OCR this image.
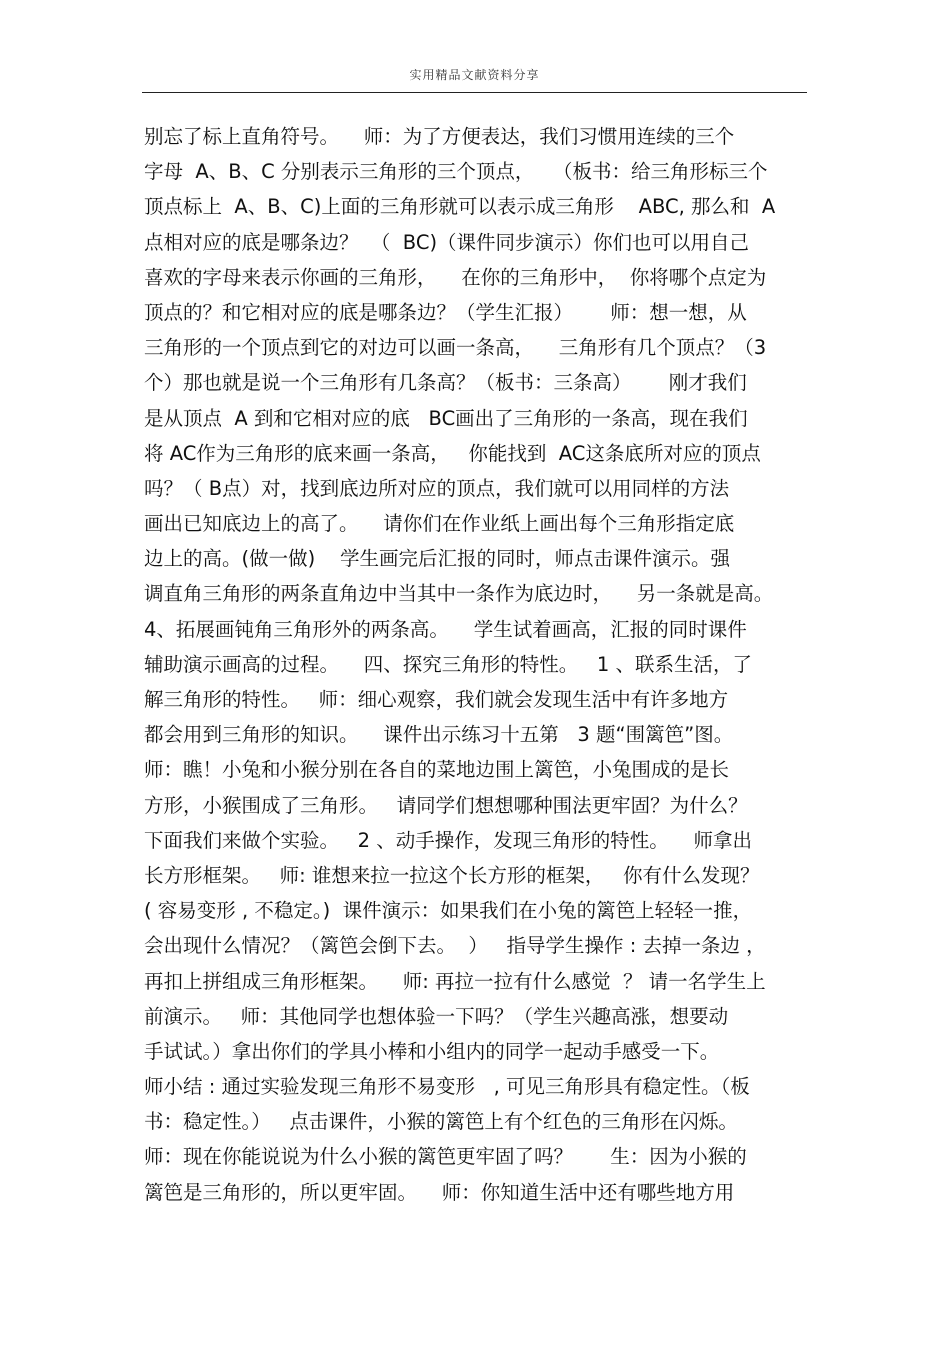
实用精品文献资料分享
别忘了标上直角符号。    师：为了方便表达，我们习惯用连续的三个
字母  A、B、C 分别表示三角形的三个顶点，   （板书：给三角形标三个
顶点标上  A、B、C)上面的三角形就可以表示成三角形    ABC, 那么和  A
点相对应的底是哪条边？  （  BC)（课件同步演示）你们也可以用自己
喜欢的字母来表示你画的三角形，    在你的三角形中，  你将哪个点定为
顶点的？和它相对应的底是哪条边？（学生汇报）      师：想一想，从
三角形的一个顶点到它的对边可以画一条高，    三角形有几个顶点？（3
个）那也就是说一个三角形有几条高？（板书：三条高）      刚才我们
是从顶点  A 到和它相对应的底   BC画出了三角形的一条高，现在我们
将 AC作为三角形的底来画一条高，   你能找到  AC这条底所对应的顶点
吗？（ B点）对，找到底边所对应的顶点，我们就可以用同样的方法
画出已知底边上的高了。    请你们在作业纸上画出每个三角形指定底
边上的高。(做一做)    学生画完后汇报的同时，师点击课件演示。强
调直角三角形的两条直角边中当其中一条作为底边时，    另一条就是高。
4、拓展画钝角三角形外的两条高。    学生试着画高，汇报的同时课件
辅助演示画高的过程。    四、探究三角形的特性。   1 、联系生活，了
解三角形的特性。   师：细心观察，我们就会发现生活中有许多地方
都会用到三角形的知识。    课件出示练习十五第   3 题“围篱笆”图。
师：瞧！小兔和小猴分别在各自的菜地边围上篱笆，小兔围成的是长
方形，小猴围成了三角形。   请同学们想想哪种围法更牢固？为什么？
下面我们来做个实验。   2 、动手操作，发现三角形的特性。    师拿出
长方形框架。   师: 谁想来拉一拉这个长方形的框架，   你有什么发现？
( 容易变形 , 不稳定。)  课件演示：如果我们在小兔的篱笆上轻轻一推，
会出现什么情况？（篱笆会倒下去。  ）   指导学生操作 : 去掉一条边 ，
再扣上拼组成三角形框架。    师: 再拉一拉有什么感觉  ？ 请一名学生上
前演示。   师：其他同学也想体验一下吗？（学生兴趣高涨，想要动
手试试。）拿出你们的学具小棒和小组内的同学一起动手感受一下。
师小结 : 通过实验发现三角形不易变形   , 可见三角形具有稳定性。（板
书：稳定性。）   点击课件，小猴的篱笆上有个红色的三角形在闪烁。
师：现在你能说说为什么小猴的篱笆更牢固了吗？      生：因为小猴的
篱笆是三角形的，所以更牢固。    师：你知道生活中还有哪些地方用
